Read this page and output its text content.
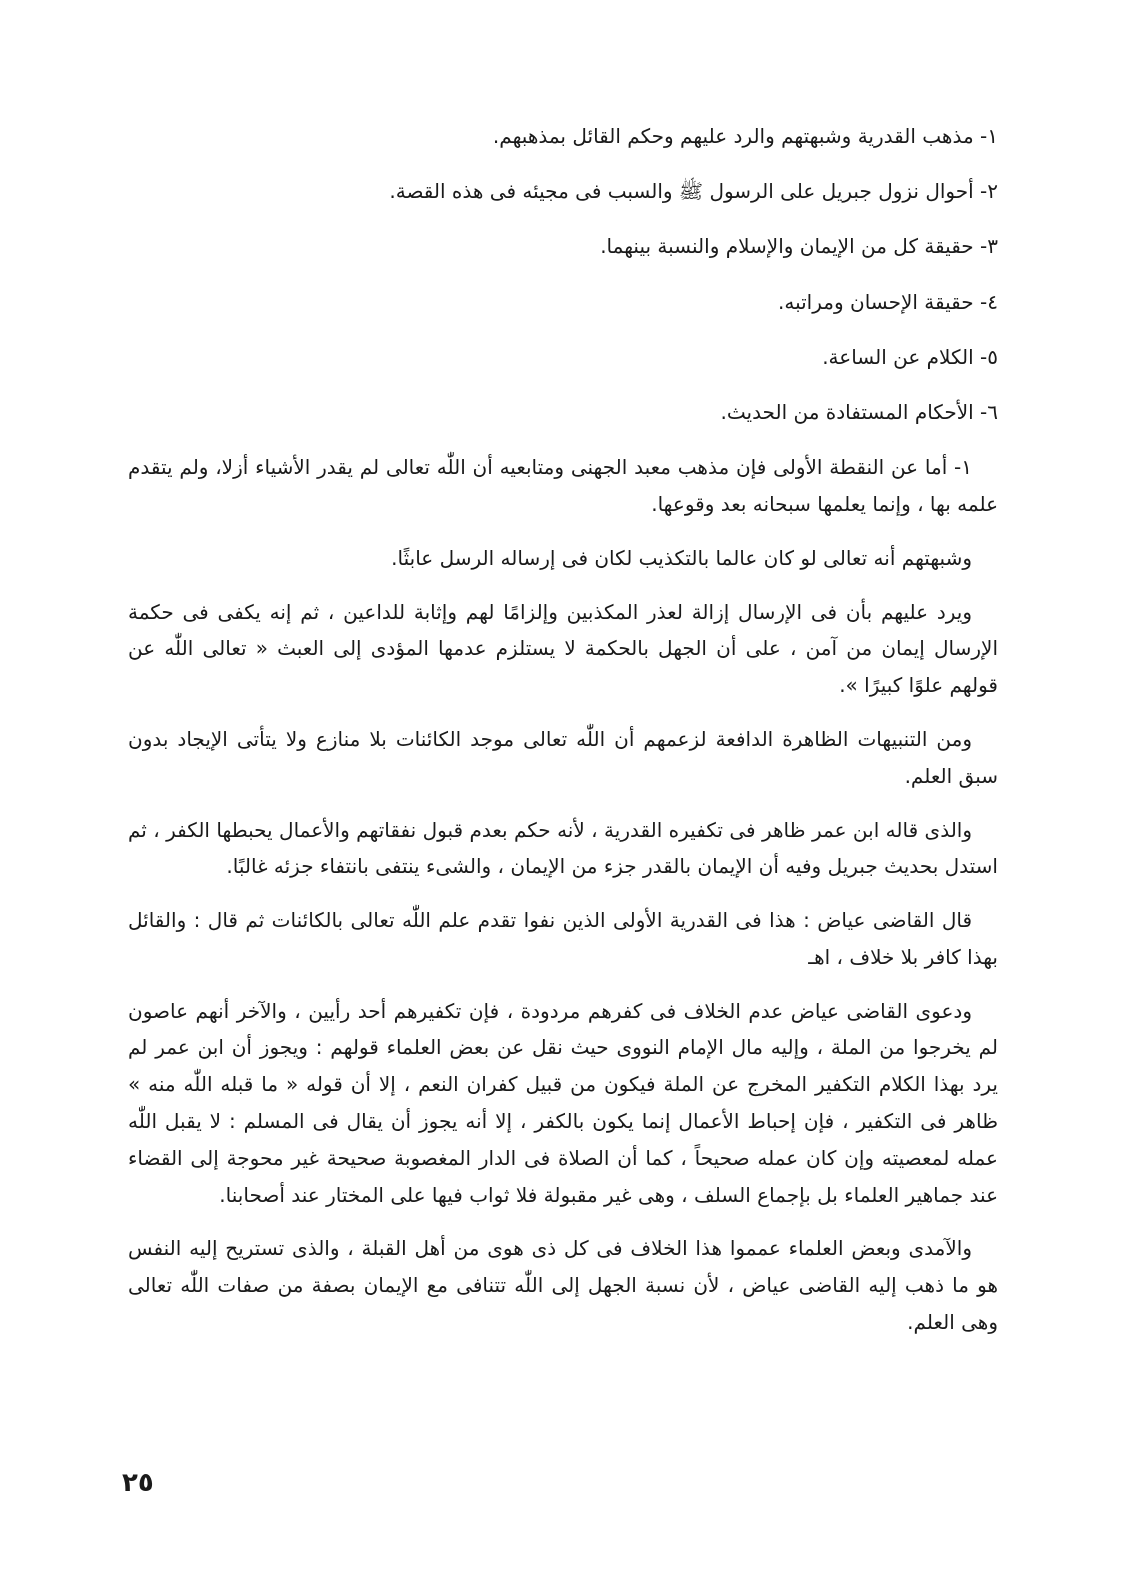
١- مذهب القدرية وشبهتهم والرد عليهم وحكم القائل بمذهبهم.
٢- أحوال نزول جبريل على الرسول ﷺ والسبب فى مجيئه فى هذه القصة.
٣- حقيقة كل من الإيمان والإسلام والنسبة بينهما.
٤- حقيقة الإحسان ومراتبه.
٥- الكلام عن الساعة.
٦- الأحكام المستفادة من الحديث.

١- أما عن النقطة الأولى فإن مذهب معبد الجهنى ومتابعيه أن اللّٰه تعالى لم يقدر الأشياء أزلا، ولم يتقدم علمه بها ، وإنما يعلمها سبحانه بعد وقوعها.

وشبهتهم أنه تعالى لو كان عالما بالتكذيب لكان فى إرساله الرسل عابثًا.

ويرد عليهم بأن فى الإرسال إزالة لعذر المكذبين وإلزامًا لهم وإثابة للداعين ، ثم إنه يكفى فى حكمة الإرسال إيمان من آمن ، على أن الجهل بالحكمة لا يستلزم عدمها المؤدى إلى العبث « تعالى اللّٰه عن قولهم علوًا كبيرًا ».

ومن التنبيهات الظاهرة الدافعة لزعمهم أن اللّٰه تعالى موجد الكائنات بلا منازع ولا يتأتى الإيجاد بدون سبق العلم.

والذى قاله ابن عمر ظاهر فى تكفيره القدرية ، لأنه حكم بعدم قبول نفقاتهم والأعمال يحبطها الكفر ، ثم استدل بحديث جبريل وفيه أن الإيمان بالقدر جزء من الإيمان ، والشىء ينتفى بانتفاء جزئه غالبًا.

قال القاضى عياض : هذا فى القدرية الأولى الذين نفوا تقدم علم اللّٰه تعالى بالكائنات ثم قال : والقائل بهذا كافر بلا خلاف ، اهـ

ودعوى القاضى عياض عدم الخلاف فى كفرهم مردودة ، فإن تكفيرهم أحد رأيين ، والآخر أنهم عاصون لم يخرجوا من الملة ، وإليه مال الإمام النووى حيث نقل عن بعض العلماء قولهم : ويجوز أن ابن عمر لم يرد بهذا الكلام التكفير المخرج عن الملة فيكون من قبيل كفران النعم ، إلا أن قوله « ما قبله اللّٰه منه » ظاهر فى التكفير ، فإن إحباط الأعمال إنما يكون بالكفر ، إلا أنه يجوز أن يقال فى المسلم : لا يقبل اللّٰه عمله لمعصيته وإن كان عمله صحيحاً ، كما أن الصلاة فى الدار المغصوبة صحيحة غير محوجة إلى القضاء عند جماهير العلماء بل بإجماع السلف ، وهى غير مقبولة فلا ثواب فيها على المختار عند أصحابنا.

والآمدى وبعض العلماء عمموا هذا الخلاف فى كل ذى هوى من أهل القبلة ، والذى تستريح إليه النفس هو ما ذهب إليه القاضى عياض ، لأن نسبة الجهل إلى اللّٰه تتنافى مع الإيمان بصفة من صفات اللّٰه تعالى وهى العلم.

٢٥
